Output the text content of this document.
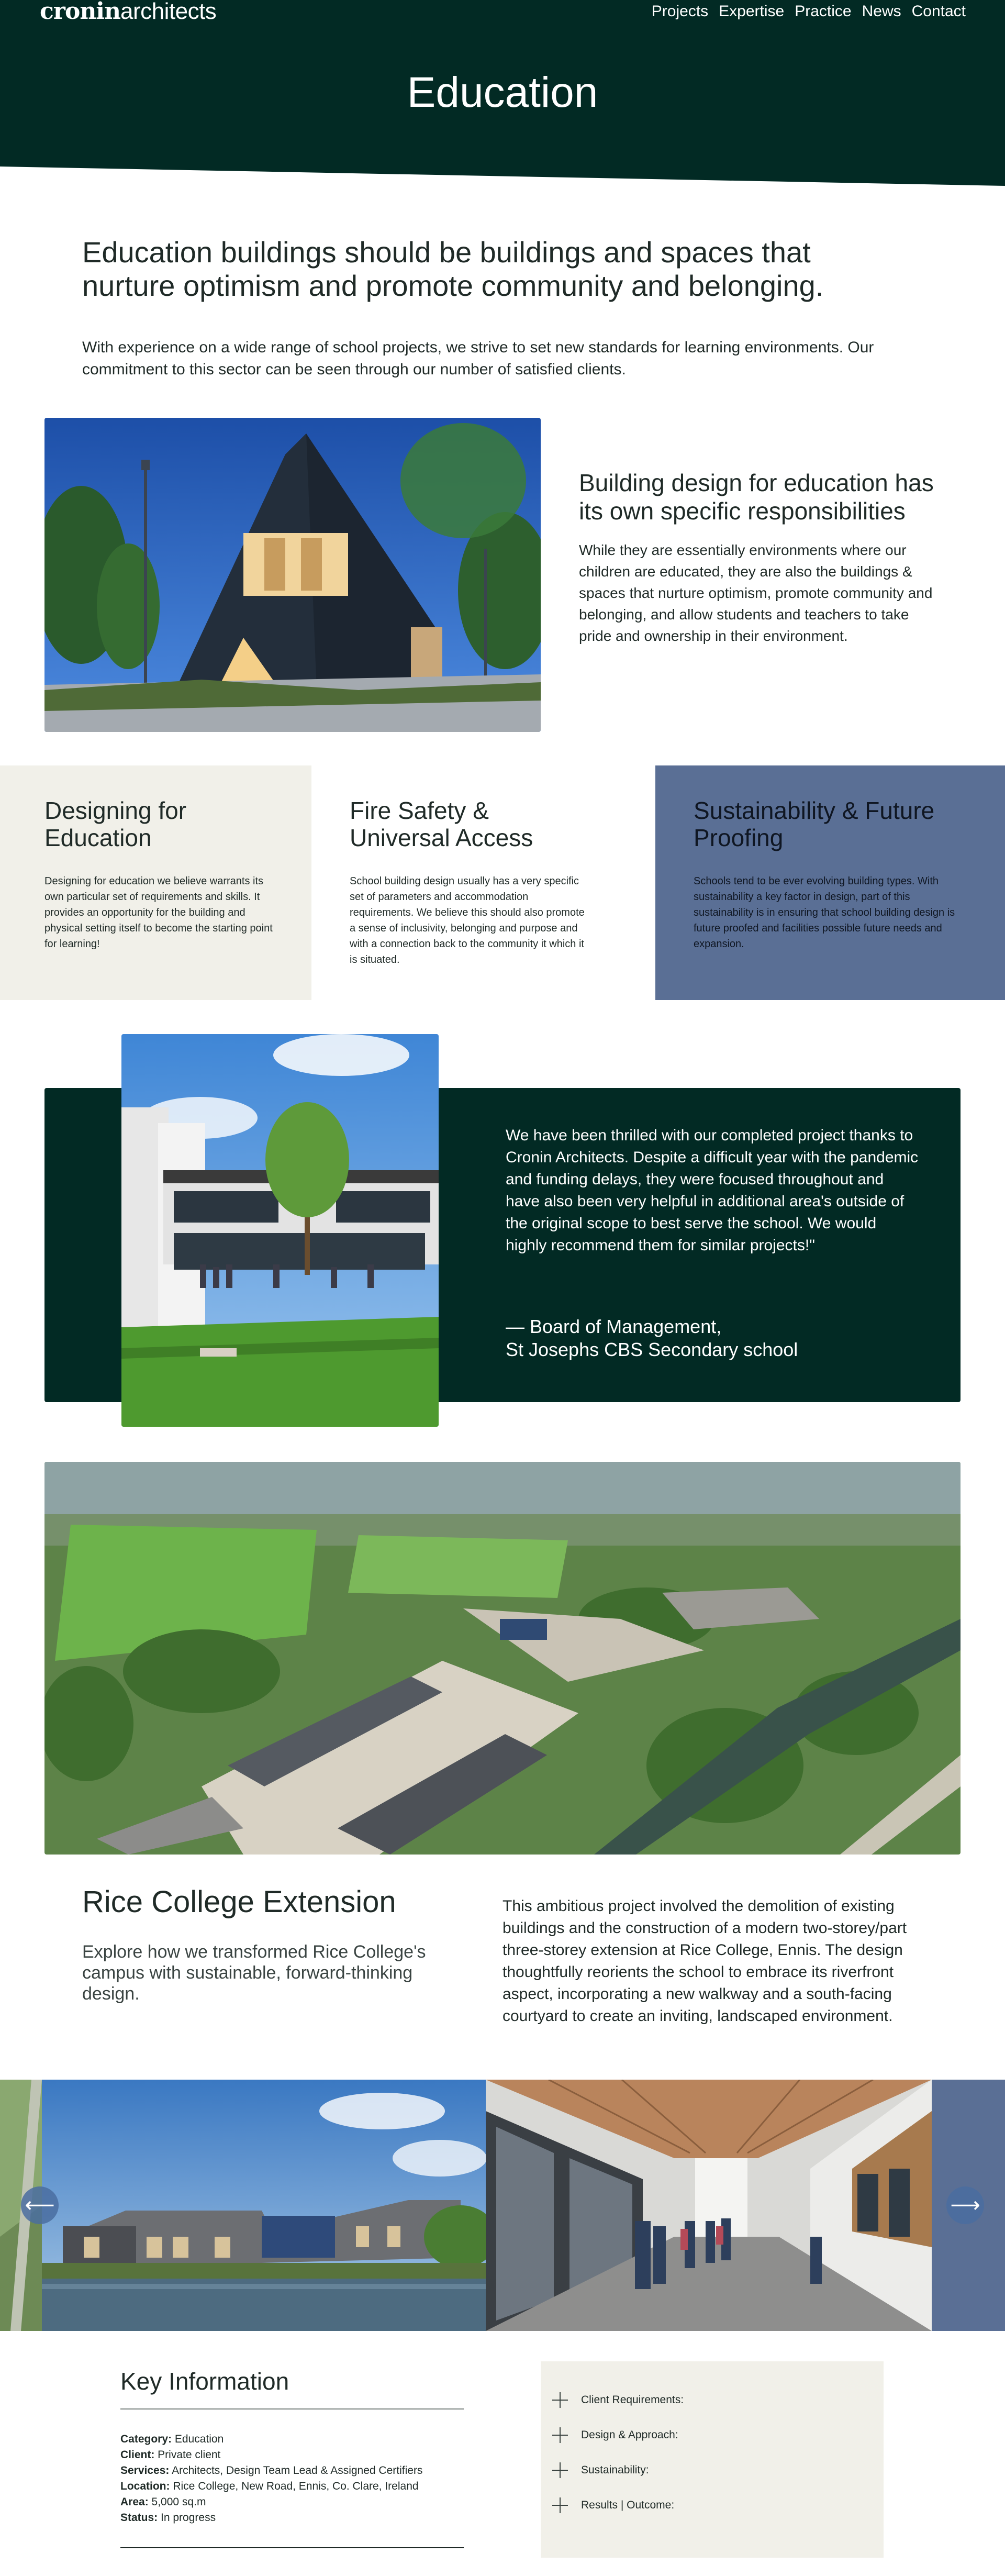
croninarchitects	Projects Expertise Practice News Contact
Education
Education buildings should be buildings and spaces that nurture optimism and promote community and belonging.

With experience on a wide range of school projects, we strive to set new standards for learning environments. Our commitment to this sector can be seen through our number of satisfied clients.

Building design for education has its own specific responsibilities

While they are essentially environments where our children are educated, they are also the buildings & spaces that nurture optimism, promote community and belonging, and allow students and teachers to take pride and ownership in their environment.

Designing for Education

Designing for education we believe warrants its own particular set of requirements and skills. It provides an opportunity for the building and physical setting itself to become the starting point for learning!

Fire Safety & Universal Access

School building design usually has a very specific set of parameters and accommodation requirements. We believe this should also promote a sense of inclusivity, belonging and purpose and with a connection back to the community it which it is situated.

Sustainability & Future Proofing

Schools tend to be ever evolving building types. With sustainability a key factor in design, part of this sustainability is in ensuring that school building design is future proofed and facilities possible future needs and expansion.

We have been thrilled with our completed project thanks to Cronin Architects. Despite a difficult year with the pandemic and funding delays, they were focused throughout and have also been very helpful in additional area's outside of the original scope to best serve the school. We would highly recommend them for similar projects!"

— Board of Management,
St Josephs CBS Secondary school
Rice College Extension

Explore how we transformed Rice College's campus with sustainable, forward-thinking design.

This ambitious project involved the demolition of existing buildings and the construction of a modern two-storey/part three-storey extension at Rice College, Ennis. The design thoughtfully reorients the school to embrace its riverfront aspect, incorporating a new walkway and a south-facing courtyard to create an inviting, landscaped environment.

⟵	⟶
Key Information
Category: Education
Client: Private client
Services: Architects, Design Team Lead & Assigned Certifiers
Location: Rice College, New Road, Ennis, Co. Clare, Ireland
Area: 5,000 sq.m
Status: In progress
Client Requirements:
Design & Approach:
Sustainability:
Results | Outcome:
